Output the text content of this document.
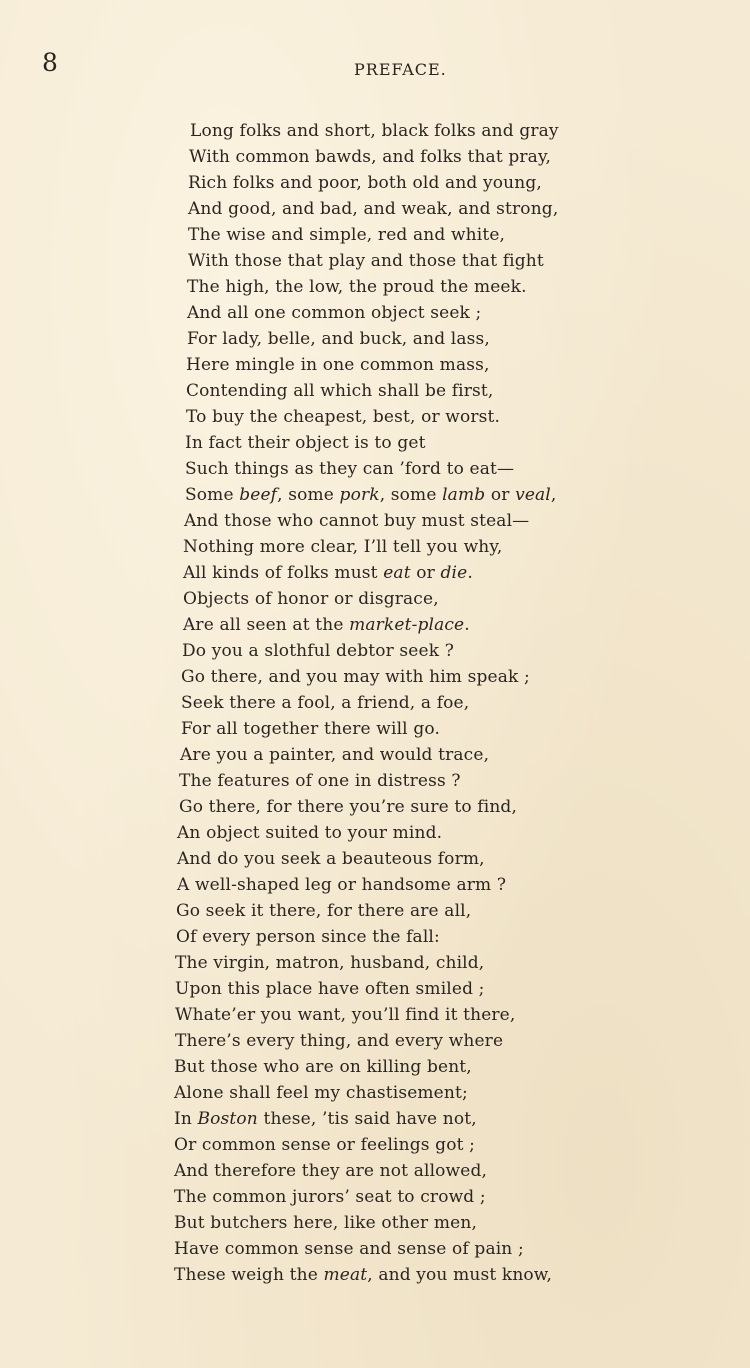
8	PREFACE.
Long folks and short, black folks and gray
With common bawds, and folks that pray,
Rich folks and poor, both old and young,
And good, and bad, and weak, and strong,
The wise and simple, red and white,
With those that play and those that fight
The high, the low, the proud the meek.
And all one common object seek ;
For lady, belle, and buck, and lass,
Here mingle in one common mass,
Contending all which shall be first,
To buy the cheapest, best, or worst.
In fact their object is to get
Such things as they can ’ford to eat—
Some beef, some pork, some lamb or veal,
And those who cannot buy must steal—
Nothing more clear, I’ll tell you why,
All kinds of folks must eat or die.
Objects of honor or disgrace,
Are all seen at the market-place.
Do you a slothful debtor seek ?
Go there, and you may with him speak ;
Seek there a fool, a friend, a foe,
For all together there will go.
Are you a painter, and would trace,
The features of one in distress ?
Go there, for there you’re sure to find,
An object suited to your mind.
And do you seek a beauteous form,
A well-shaped leg or handsome arm ?
Go seek it there, for there are all,
Of every person since the fall:
The virgin, matron, husband, child,
Upon this place have often smiled ;
Whate’er you want, you’ll find it there,
There’s every thing, and every where
But those who are on killing bent,
Alone shall feel my chastisement;
In Boston these, ’tis said have not,
Or common sense or feelings got ;
And therefore they are not allowed,
The common jurors’ seat to crowd ;
But butchers here, like other men,
Have common sense and sense of pain ;
These weigh the meat, and you must know,
